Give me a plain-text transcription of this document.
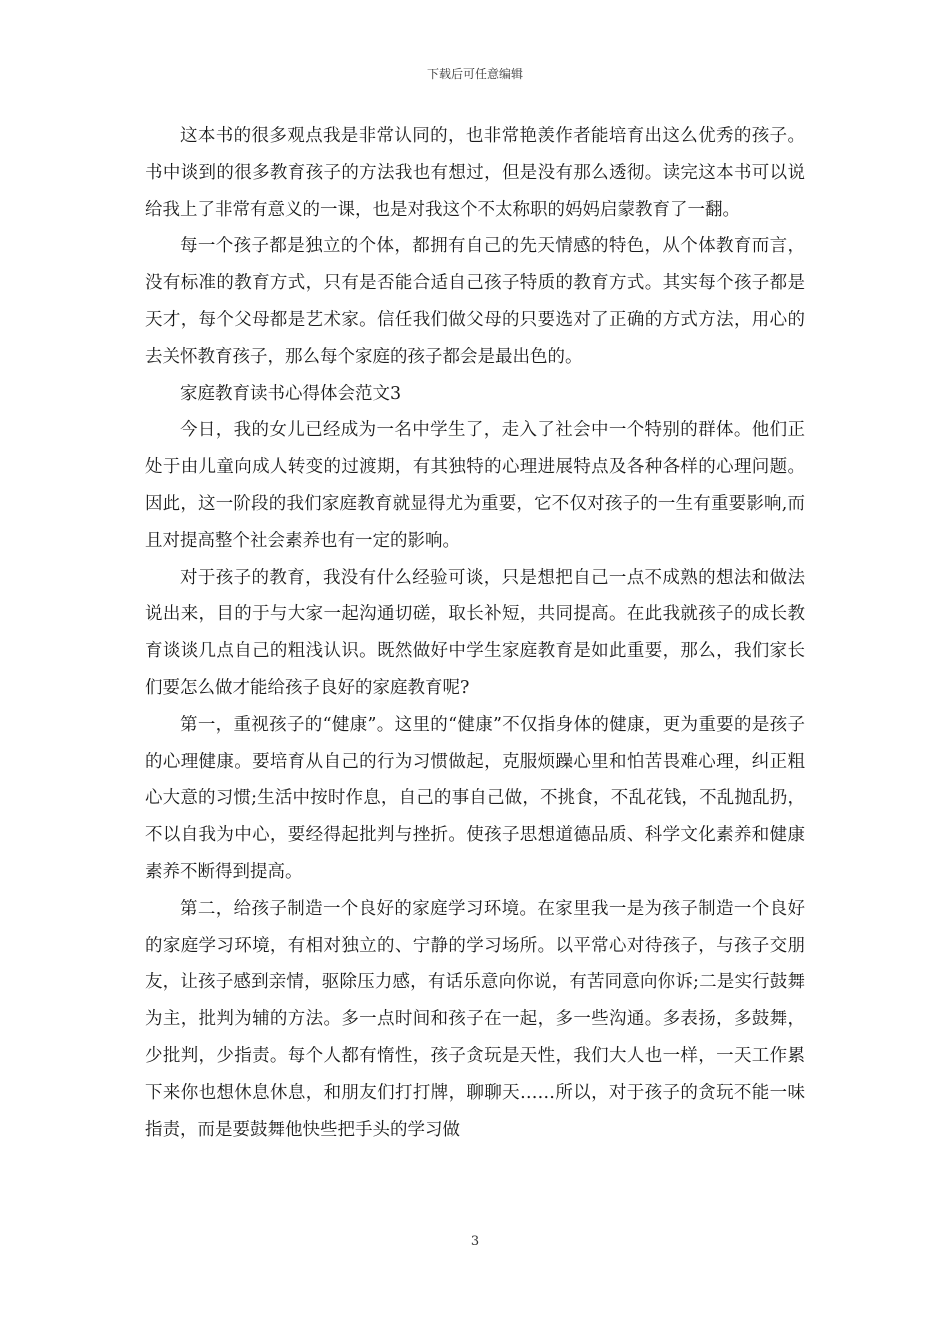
下载后可任意编辑

这本书的很多观点我是非常认同的，也非常艳羡作者能培育出这么优秀的孩子。书中谈到的很多教育孩子的方法我也有想过，但是没有那么透彻。读完这本书可以说给我上了非常有意义的一课，也是对我这个不太称职的妈妈启蒙教育了一翻。

每一个孩子都是独立的个体，都拥有自己的先天情感的特色，从个体教育而言，没有标准的教育方式，只有是否能合适自己孩子特质的教育方式。其实每个孩子都是天才，每个父母都是艺术家。信任我们做父母的只要选对了正确的方式方法，用心的去关怀教育孩子，那么每个家庭的孩子都会是最出色的。

家庭教育读书心得体会范文3

今日，我的女儿已经成为一名中学生了，走入了社会中一个特别的群体。他们正处于由儿童向成人转变的过渡期，有其独特的心理进展特点及各种各样的心理问题。因此，这一阶段的我们家庭教育就显得尤为重要，它不仅对孩子的一生有重要影响,而且对提高整个社会素养也有一定的影响。

对于孩子的教育，我没有什么经验可谈，只是想把自己一点不成熟的想法和做法说出来，目的于与大家一起沟通切磋，取长补短，共同提高。在此我就孩子的成长教育谈谈几点自己的粗浅认识。既然做好中学生家庭教育是如此重要，那么，我们家长们要怎么做才能给孩子良好的家庭教育呢?

第一，重视孩子的“健康”。这里的“健康”不仅指身体的健康，更为重要的是孩子的心理健康。要培育从自己的行为习惯做起，克服烦躁心里和怕苦畏难心理，纠正粗心大意的习惯;生活中按时作息，自己的事自己做，不挑食，不乱花钱，不乱抛乱扔，不以自我为中心，要经得起批判与挫折。使孩子思想道德品质、科学文化素养和健康素养不断得到提高。

第二，给孩子制造一个良好的家庭学习环境。在家里我一是为孩子制造一个良好的家庭学习环境，有相对独立的、宁静的学习场所。以平常心对待孩子，与孩子交朋友，让孩子感到亲情，驱除压力感，有话乐意向你说，有苦同意向你诉;二是实行鼓舞为主，批判为辅的方法。多一点时间和孩子在一起，多一些沟通。多表扬，多鼓舞，少批判，少指责。每个人都有惰性，孩子贪玩是天性，我们大人也一样，一天工作累下来你也想休息休息，和朋友们打打牌，聊聊天……所以，对于孩子的贪玩不能一味指责，而是要鼓舞他快些把手头的学习做

3
